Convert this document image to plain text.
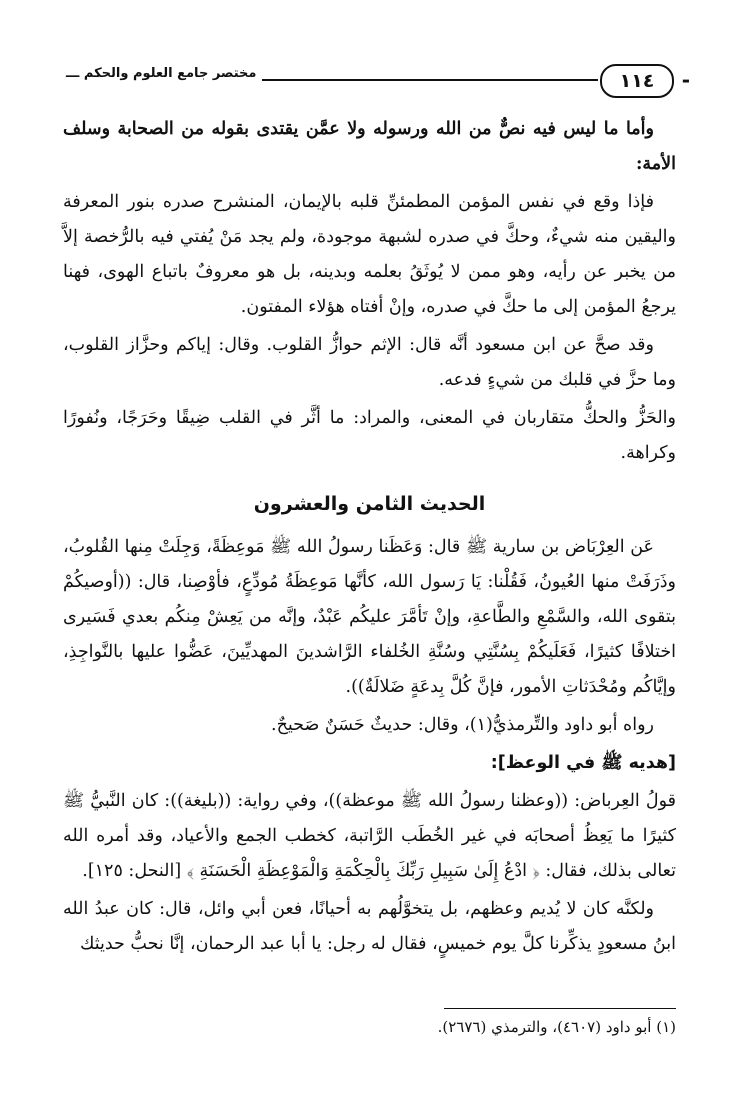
-
١١٤
مختصر جامع العلوم والحكم ـــ

وأما ما ليس فيه نصٌّ من الله ورسوله ولا عمَّن يقتدى بقوله من الصحابة وسلف الأمة:

فإذا وقع في نفس المؤمن المطمئنِّ قلبه بالإيمان، المنشرح صدره بنور المعرفة واليقين منه شيءٌ، وحكَّ في صدره لشبهة موجودة، ولم يجد مَنْ يُفتي فيه بالرُّخصة إلاَّ من يخبر عن رأيه، وهو ممن لا يُوثَقُ بعلمه وبدينه، بل هو معروفٌ باتباع الهوى، فهنا يرجعُ المؤمن إلى ما حكَّ في صدره، وإنْ أفتاه هؤلاء المفتون.

وقد صحَّ عن ابن مسعود أنَّه قال: الإثم حوازُّ القلوب. وقال: إياكم وحزَّاز القلوب، وما حزَّ في قلبك من شيءٍ فدعه.

والحَزُّ والحكُّ متقاربان في المعنى، والمراد: ما أثَّر في القلب ضِيقًا وحَرَجًا، ونُفورًا وكراهة.

الحديث الثامن والعشرون

عَن العِرْبَاض بن سارية ﷺ قال: وَعَظَنا رسولُ الله ﷺ مَوعِظَةً، وَجِلَتْ مِنها القُلوبُ، وذَرَفَتْ منها العُيونُ، فَقُلْنا: يَا رَسول الله، كأنَّها مَوعِظَةُ مُودِّعٍ، فأوْصِنا، قال: ((أوصيكُمْ بتقوى الله، والسَّمْعِ والطَّاعةِ، وإنْ تَأمَّرَ عليكُم عَبْدٌ، وإنَّه من يَعِشْ مِنكُم بعدي فَسَيرى اختلافًا كثيرًا، فَعَلَيكُمْ بِسُنَّتِي وسُنَّةِ الخُلفاء الرَّاشدينَ المهديِّينَ، عَضُّوا عليها بالنَّواجِذِ، وإيَّاكُم ومُحْدَثاتِ الأمور، فإنَّ كُلَّ بِدعَةٍ ضَلالَةٌ)).

رواه أبو داود والتِّرمذيُّ(١)، وقال: حديثٌ حَسَنٌ صَحيحٌ.

[هديه ﷺ في الوعظ]:

قولُ العِرباض: ((وعظنا رسولُ الله ﷺ موعظة))، وفي رواية: ((بليغة)): كان النَّبيُّ ﷺ كثيرًا ما يَعِظُ أصحابَه في غير الخُطَب الرَّاتبة، كخطب الجمع والأعياد، وقد أمره الله تعالى بذلك، فقال: ﴿ ادْعُ إِلَىٰ سَبِيلِ رَبِّكَ بِالْحِكْمَةِ وَالْمَوْعِظَةِ الْحَسَنَةِ ﴾ [النحل: ١٢٥].

ولكنَّه كان لا يُديم وعظهم، بل يتخوَّلُهم به أحيانًا، فعن أبي وائل، قال: كان عبدُ الله ابنُ مسعودٍ يذكِّرنا كلَّ يوم خميسٍ، فقال له رجل: يا أبا عبد الرحمان، إنَّا نحبُّ حديثك

(١) أبو داود (٤٦٠٧)، والترمذي (٢٦٧٦).
